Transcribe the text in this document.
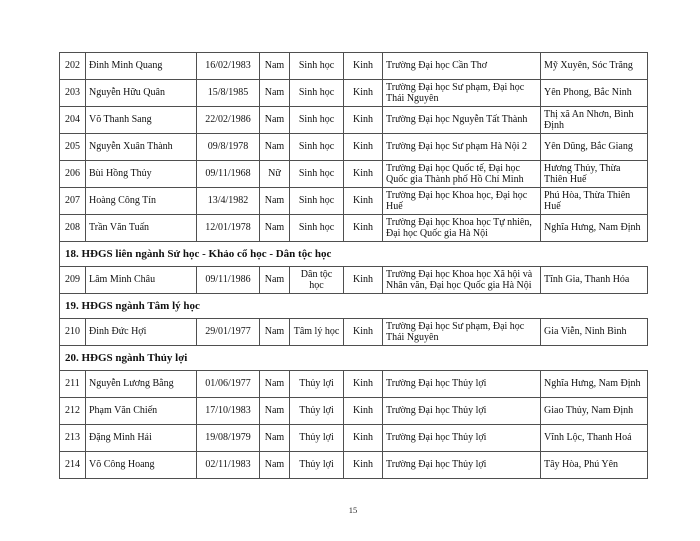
202	Đinh Minh Quang	16/02/1983	Nam	Sinh học	Kinh	Trường Đại học Cần Thơ	Mỹ Xuyên, Sóc Trăng
203	Nguyễn Hữu Quân	15/8/1985	Nam	Sinh học	Kinh	Trường Đại học Sư phạm, Đại học Thái Nguyên	Yên Phong, Bắc Ninh
204	Võ Thanh Sang	22/02/1986	Nam	Sinh học	Kinh	Trường Đại học Nguyễn Tất Thành	Thị xã An Nhơn, Bình Định
205	Nguyễn Xuân Thành	09/8/1978	Nam	Sinh học	Kinh	Trường Đại học Sư phạm Hà Nội 2	Yên Dũng, Bắc Giang
206	Bùi Hồng Thủy	09/11/1968	Nữ	Sinh học	Kinh	Trường Đại học Quốc tế, Đại học Quốc gia Thành phố Hồ Chí Minh	Hương Thủy, Thừa Thiên Huế
207	Hoàng Công Tín	13/4/1982	Nam	Sinh học	Kinh	Trường Đại học Khoa học, Đại học Huế	Phú Hòa, Thừa Thiên Huế
208	Trần Văn Tuấn	12/01/1978	Nam	Sinh học	Kinh	Trường Đại học Khoa học Tự nhiên, Đại học Quốc gia Hà Nội	Nghĩa Hưng, Nam Định
18. HĐGS liên ngành Sử học - Khảo cổ học - Dân tộc học
209	Lâm Minh Châu	09/11/1986	Nam	Dân tộc học	Kinh	Trường Đại học Khoa học Xã hội và Nhân văn, Đại học Quốc gia Hà Nội	Tĩnh Gia, Thanh Hóa
19. HĐGS ngành Tâm lý học
210	Đinh Đức Hợi	29/01/1977	Nam	Tâm lý học	Kinh	Trường Đại học Sư phạm, Đại học Thái Nguyên	Gia Viễn, Ninh Bình
20. HĐGS ngành Thủy lợi
211	Nguyễn Lương Bằng	01/06/1977	Nam	Thủy lợi	Kinh	Trường Đại học Thủy lợi	Nghĩa Hưng, Nam Định
212	Phạm Văn Chiến	17/10/1983	Nam	Thủy lợi	Kinh	Trường Đại học Thủy lợi	Giao Thủy, Nam Định
213	Đặng Minh Hải	19/08/1979	Nam	Thủy lợi	Kinh	Trường Đại học Thủy lợi	Vĩnh Lộc, Thanh Hoá
214	Võ Công Hoang	02/11/1983	Nam	Thủy lợi	Kinh	Trường Đại học Thủy lợi	Tây Hòa, Phú Yên
15
